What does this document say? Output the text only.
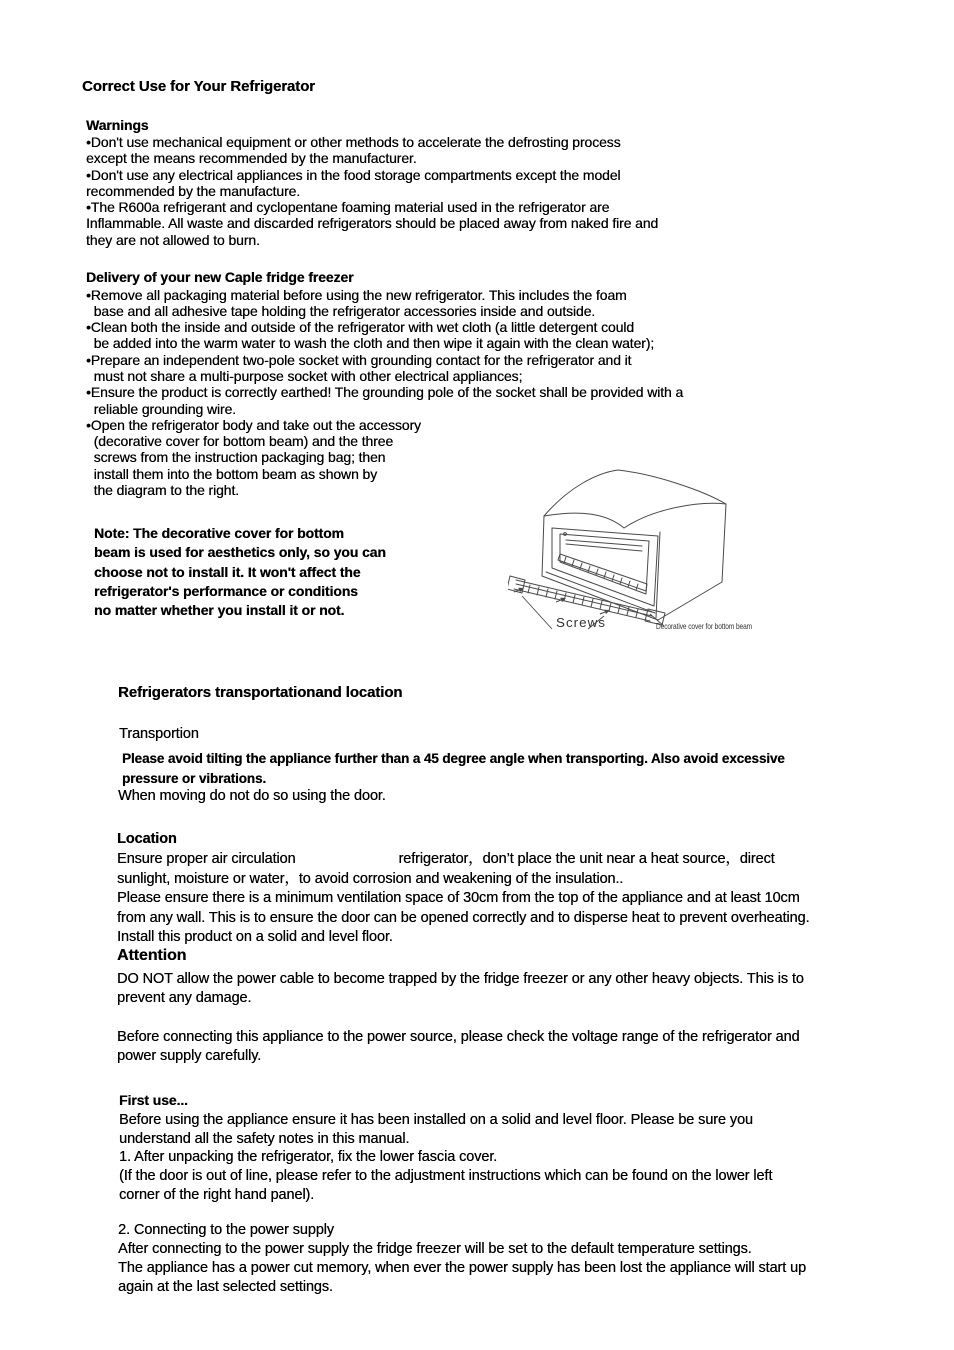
Correct Use for Your Refrigerator
Warnings
•Don't use mechanical equipment or other methods to accelerate the defrosting process
except the means recommended by the manufacturer.
•Don't use any electrical appliances in the food storage compartments except the model
recommended by the manufacture.
•The R600a refrigerant and cyclopentane foaming material used in the refrigerator are
Inflammable. All waste and discarded refrigerators should be placed away from naked fire and
they are not allowed to burn.
Delivery of your new Caple fridge freezer
•Remove all packaging material before using the new refrigerator. This includes the foam
base and all adhesive tape holding the refrigerator accessories inside and outside.
•Clean both the inside and outside of the refrigerator with wet cloth (a little detergent could
be added into the warm water to wash the cloth and then wipe it again with the clean water);
•Prepare an independent two-pole socket with grounding contact for the refrigerator and it
must not share a multi-purpose socket with other electrical appliances;
•Ensure the product is correctly earthed! The grounding pole of the socket shall be provided with a
reliable grounding wire.
•Open the refrigerator body and take out the accessory
(decorative cover for bottom beam) and the three
screws from the instruction packaging bag; then
install them into the bottom beam as shown by
the diagram to the right.
Note: The decorative cover for bottom
beam is used for aesthetics only, so you can
choose not to install it. It won't affect the
refrigerator's performance or conditions
no matter whether you install it or not.
Screws	Decorative cover for bottom beam
Refrigerators transportationand location
Transportion
Please avoid tilting the appliance further than a 45 degree angle when transporting. Also avoid excessive
pressure or vibrations.
When moving do not do so using the door.
Location
Ensure proper air circulation	refrigerator，don’t place the unit near a heat source，direct
sunlight, moisture or water，to avoid corrosion and weakening of the insulation..
Please ensure there is a minimum ventilation space of 30cm from the top of the appliance and at least 10cm
from any wall. This is to ensure the door can be opened correctly and to disperse heat to prevent overheating.
Install this product on a solid and level floor.
Attention
DO NOT allow the power cable to become trapped by the fridge freezer or any other heavy objects. This is to
prevent any damage.
Before connecting this appliance to the power source, please check the voltage range of the refrigerator and
power supply carefully.
First use...
Before using the appliance ensure it has been installed on a solid and level floor. Please be sure you
understand all the safety notes in this manual.
1. After unpacking the refrigerator, fix the lower fascia cover.
(If the door is out of line, please refer to the adjustment instructions which can be found on the lower left
corner of the right hand panel).
2. Connecting to the power supply
After connecting to the power supply the fridge freezer will be set to the default temperature settings.
The appliance has a power cut memory, when ever the power supply has been lost the appliance will start up
again at the last selected settings.
